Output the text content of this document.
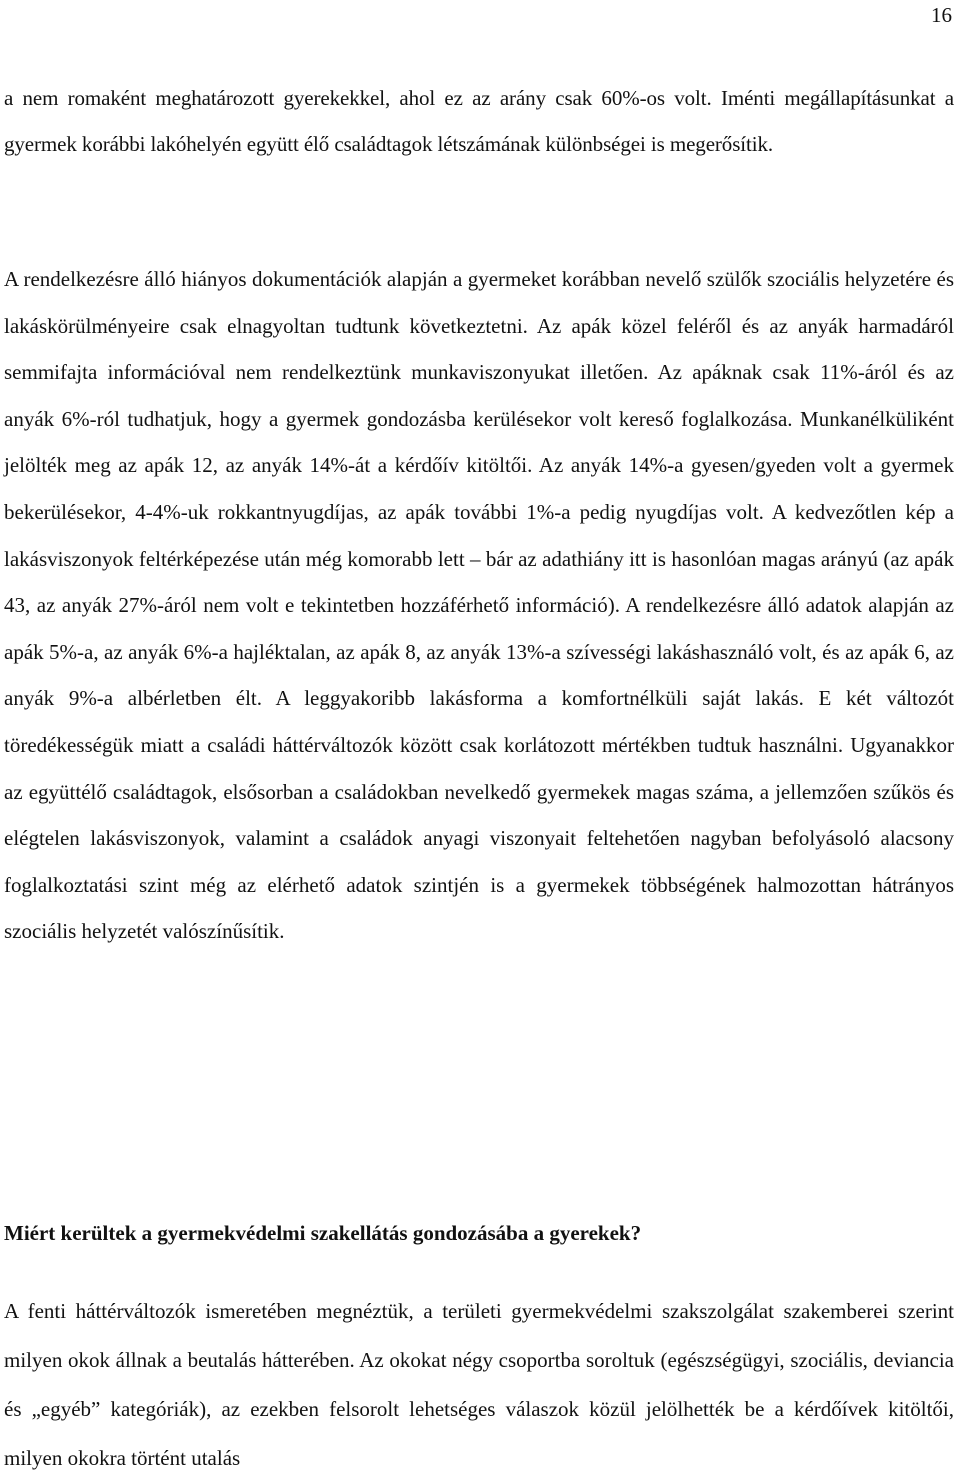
16

a nem romaként meghatározott gyerekekkel, ahol ez az arány csak 60%-os volt. Iménti megállapításunkat a gyermek korábbi lakóhelyén együtt élő családtagok létszámának különbségei is megerősítik.

A rendelkezésre álló hiányos dokumentációk alapján a gyermeket korábban nevelő szülők szociális helyzetére és lakáskörülményeire csak elnagyoltan tudtunk következtetni. Az apák közel feléről és az anyák harmadáról semmifajta információval nem rendelkeztünk munkaviszonyukat illetően. Az apáknak csak 11%-áról és az anyák 6%-ról tudhatjuk, hogy a gyermek gondozásba kerülésekor volt kereső foglalkozása. Munkanélküliként jelölték meg az apák 12, az anyák 14%-át a kérdőív kitöltői. Az anyák 14%-a gyesen/gyeden volt a gyermek bekerülésekor, 4-4%-uk rokkantnyugdíjas, az apák további 1%-a pedig nyugdíjas volt. A kedvezőtlen kép a lakásviszonyok feltérképezése után még komorabb lett – bár az adathiány itt is hasonlóan magas arányú (az apák 43, az anyák 27%-áról nem volt e tekintetben hozzáférhető információ). A rendelkezésre álló adatok alapján az apák 5%-a, az anyák 6%-a hajléktalan, az apák 8, az anyák 13%-a szívességi lakáshasználó volt, és az apák 6, az anyák 9%-a albérletben élt. A leggyakoribb lakásforma a komfortnélküli saját lakás. E két változót töredékességük miatt a családi háttérváltozók között csak korlátozott mértékben tudtuk használni. Ugyanakkor az együttélő családtagok, elsősorban a családokban nevelkedő gyermekek magas száma, a jellemzően szűkös és elégtelen lakásviszonyok, valamint a családok anyagi viszonyait feltehetően nagyban befolyásoló alacsony foglalkoztatási szint még az elérhető adatok szintjén is a gyermekek többségének halmozottan hátrányos szociális helyzetét valószínűsítik.

Miért kerültek a gyermekvédelmi szakellátás gondozásába a gyerekek?

A fenti háttérváltozók ismeretében megnéztük, a területi gyermekvédelmi szakszolgálat szakemberei szerint milyen okok állnak a beutalás hátterében. Az okokat négy csoportba soroltuk (egészségügyi, szociális, deviancia és „egyéb” kategóriák), az ezekben felsorolt lehetséges válaszok közül jelölhették be a kérdőívek kitöltői, milyen okokra történt utalás
